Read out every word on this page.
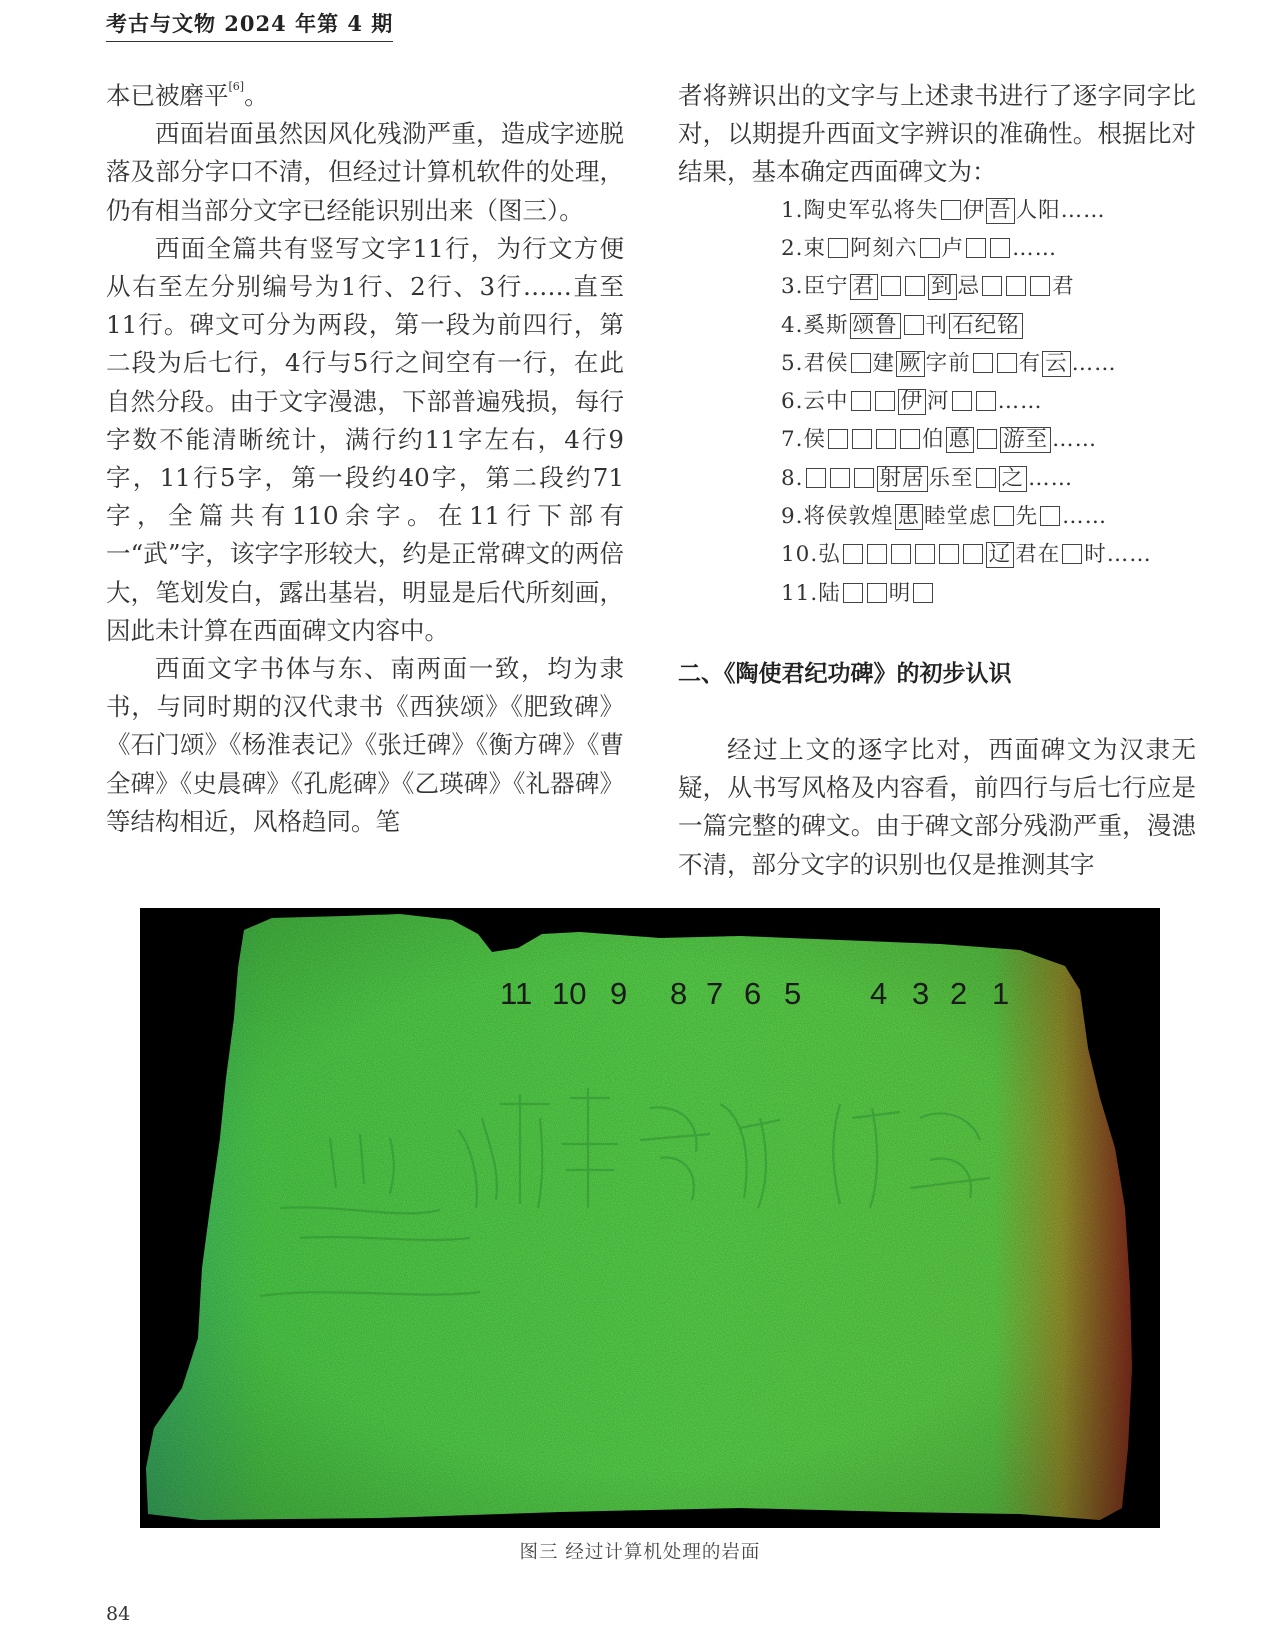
考古与文物 2024 年第 4 期

本已被磨平[6]。

西面岩面虽然因风化残泐严重，造成字迹脱落及部分字口不清，但经过计算机软件的处理，仍有相当部分文字已经能识别出来（图三）。

西面全篇共有竖写文字11行，为行文方便从右至左分别编号为1行、2行、3行……直至11行。碑文可分为两段，第一段为前四行，第二段为后七行，4行与5行之间空有一行，在此自然分段。由于文字漫漶，下部普遍残损，每行字数不能清晰统计，满行约11字左右，4行9字，11行5字，第一段约40字，第二段约71字，全篇共有110余字。在11行下部有一“武”字，该字字形较大，约是正常碑文的两倍大，笔划发白，露出基岩，明显是后代所刻画，因此未计算在西面碑文内容中。

西面文字书体与东、南两面一致，均为隶书，与同时期的汉代隶书《西狭颂》《肥致碑》《石门颂》《杨淮表记》《张迁碑》《衡方碑》《曹全碑》《史晨碑》《孔彪碑》《乙瑛碑》《礼器碑》等结构相近，风格趋同。笔

者将辨识出的文字与上述隶书进行了逐字同字比对，以期提升西面文字辨识的准确性。根据比对结果，基本确定西面碑文为：

1.陶史军弘将失 伊 吾 人阳……
2.束 阿刻六 卢 ……
3.臣宁 君	到 忌	君
4.奚斯 颂鲁 刊 石纪铭
5.君侯 建 厥 字前 有 云 ……
6.云中 伊 河 ……
7.侯	伯 悳 游至 ……
8.	射居 乐至 之 ……
9.将侯敦煌 患 睦堂虑 先 ……
10.弘	辽 君在 时……
11.陆 明

二、《陶使君纪功碑》的初步认识

经过上文的逐字比对，西面碑文为汉隶无疑，从书写风格及内容看，前四行与后七行应是一篇完整的碑文。由于碑文部分残泐严重，漫漶不清，部分文字的识别也仅是推测其字

11 10 9 8 7 6 5 4 3 2 1
图三 经过计算机处理的岩面
84
